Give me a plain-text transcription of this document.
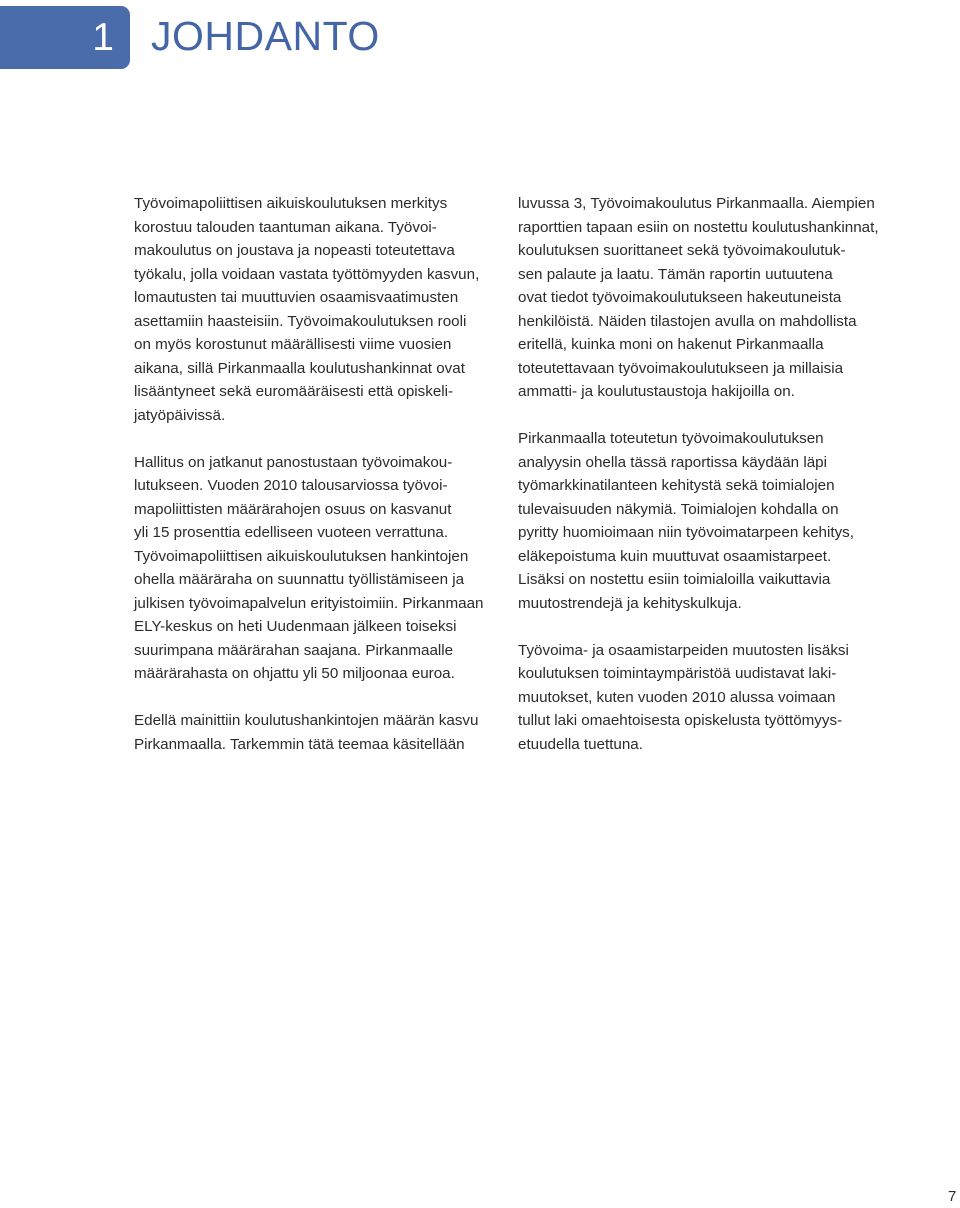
1 JOHDANTO

Työvoimapoliittisen aikuiskoulutuksen merkitys
korostuu talouden taantuman aikana. Työvoi-
makoulutus on joustava ja nopeasti toteutettava
työkalu, jolla voidaan vastata työttömyyden kasvun,
lomautusten tai muuttuvien osaamisvaatimusten
asettamiin haasteisiin. Työvoimakoulutuksen rooli
on myös korostunut määrällisesti viime vuosien
aikana, sillä Pirkanmaalla koulutushankinnat ovat
lisääntyneet sekä euromääräisesti että opiskeli-
jatyöpäivissä.

Hallitus on jatkanut panostustaan työvoimakou-
lutukseen. Vuoden 2010 talousarviossa työvoi-
mapoliittisten määrärahojen osuus on kasvanut
yli 15 prosenttia edelliseen vuoteen verrattuna.
Työvoimapoliittisen aikuiskoulutuksen hankintojen
ohella määräraha on suunnattu työllistämiseen ja
julkisen työvoimapalvelun erityistoimiin. Pirkanmaan
ELY-keskus on heti Uudenmaan jälkeen toiseksi
suurimpana määrärahan saajana. Pirkanmaalle
määrärahasta on ohjattu yli 50 miljoonaa euroa.

Edellä mainittiin koulutushankintojen määrän kasvu
Pirkanmaalla. Tarkemmin tätä teemaa käsitellään

luvussa 3, Työvoimakoulutus Pirkanmaalla. Aiempien
raporttien tapaan esiin on nostettu koulutushankinnat,
koulutuksen suorittaneet sekä työvoimakoulutuk-
sen palaute ja laatu. Tämän raportin uutuutena
ovat tiedot työvoimakoulutukseen hakeutuneista
henkilöistä. Näiden tilastojen avulla on mahdollista
eritellä, kuinka moni on hakenut Pirkanmaalla
toteutettavaan työvoimakoulutukseen ja millaisia
ammatti- ja koulutustaustoja hakijoilla on.

Pirkanmaalla toteutetun työvoimakoulutuksen
analyysin ohella tässä raportissa käydään läpi
työmarkkinatilanteen kehitystä sekä toimialojen
tulevaisuuden näkymiä. Toimialojen kohdalla on
pyritty huomioimaan niin työvoimatarpeen kehitys,
eläkepoistuma kuin muuttuvat osaamistarpeet.
Lisäksi on nostettu esiin toimialoilla vaikuttavia
muutostrendejä ja kehityskulkuja.

Työvoima- ja osaamistarpeiden muutosten lisäksi
koulutuksen toimintaympäristöä uudistavat laki-
muutokset, kuten vuoden 2010 alussa voimaan
tullut laki omaehtoisesta opiskelusta työttömyys-
etuudella tuettuna.

7
